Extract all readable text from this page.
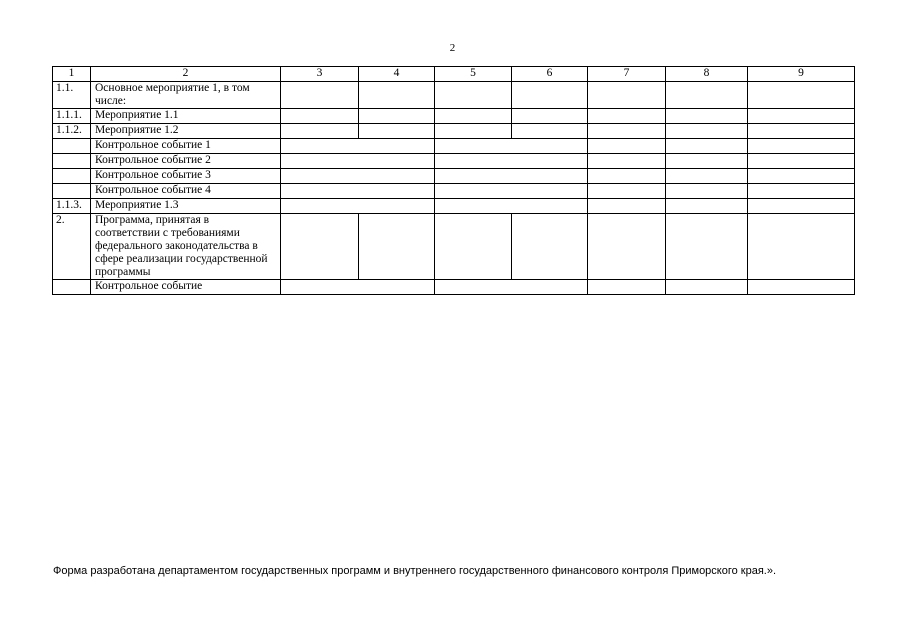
2
1	2	3	4	5	6	7	8	9
1.1.	Основное мероприятие 1, в том числе:							
1.1.1.	Мероприятие 1.1							
1.1.2.	Мероприятие 1.2							
	Контрольное событие 1							
	Контрольное событие 2							
	Контрольное событие 3							
	Контрольное событие 4							
1.1.3.	Мероприятие 1.3							
2.	Программа, принятая в соответствии с требованиями федерального законодательства в сфере реализации государственной программы							
	Контрольное событие							
Форма разработана департаментом государственных программ и внутреннего государственного финансового контроля Приморского края.».
